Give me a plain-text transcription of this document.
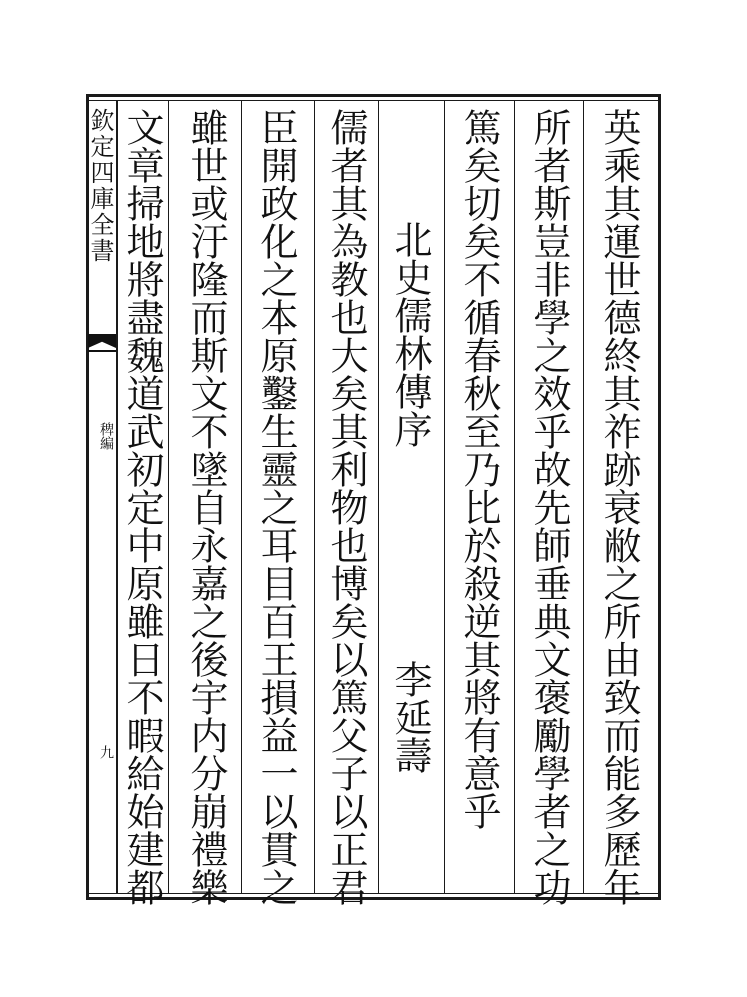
欽定四庫全書
稗編
九	英乘其運世德終其祚跡衰敝之所由致而能多歷年
所者斯豈非學之效乎故先師垂典文褒勵學者之功
篤矣切矣不循春秋至乃比於殺逆其將有意乎
北史儒林傳序
李延壽
儒者其為教也大矣其利物也博矣以篤父子以正君
臣開政化之本原鑿生靈之耳目百王損益一以貫之
雖世或汙隆而斯文不墜自永嘉之後宇内分崩禮樂
文章掃地將盡魏道武初定中原雖日不暇給始建都
